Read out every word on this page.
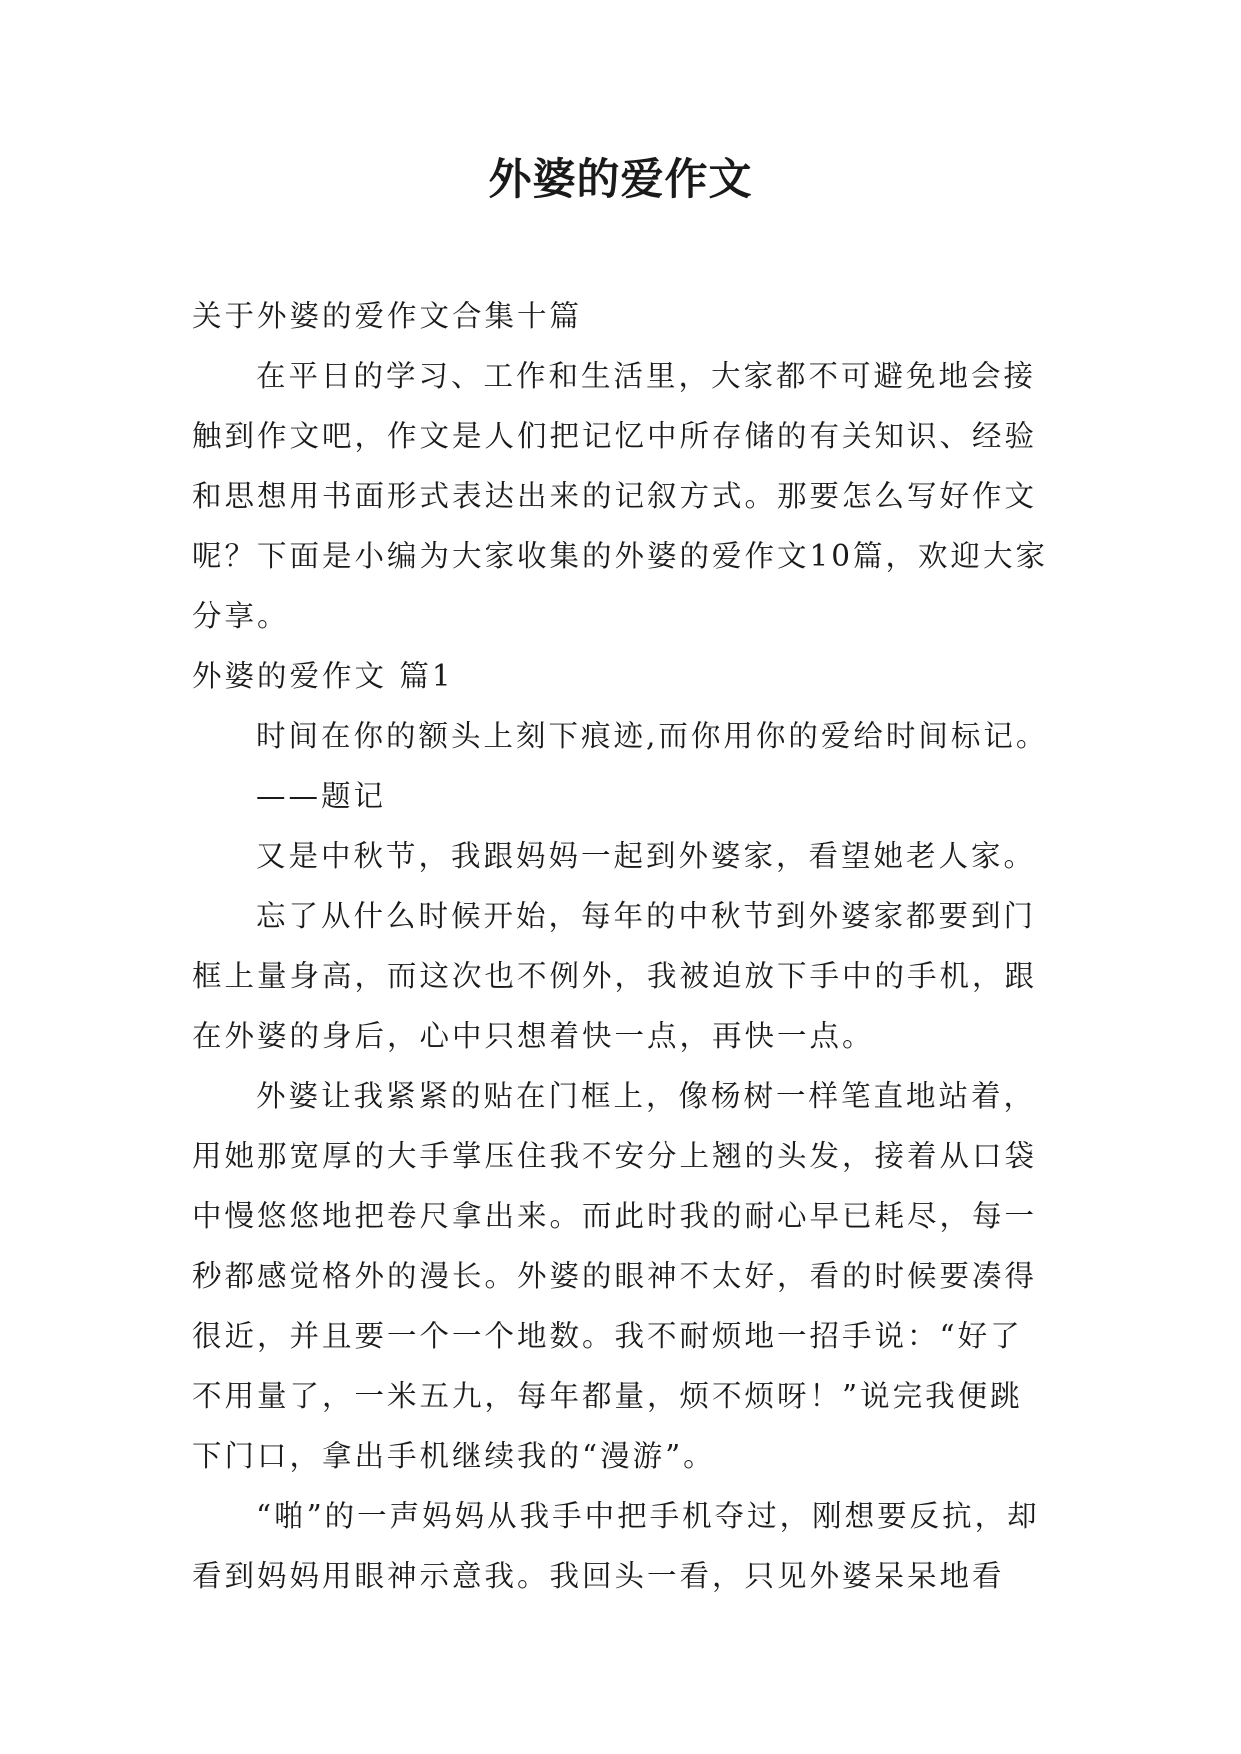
外婆的爱作文

关于外婆的爱作文合集十篇

在平日的学习、工作和生活里，大家都不可避免地会接触到作文吧，作文是人们把记忆中所存储的有关知识、经验和思想用书面形式表达出来的记叙方式。那要怎么写好作文呢？下面是小编为大家收集的外婆的爱作文10篇，欢迎大家分享。

外婆的爱作文 篇1

时间在你的额头上刻下痕迹,而你用你的爱给时间标记。

——题记

又是中秋节，我跟妈妈一起到外婆家，看望她老人家。

忘了从什么时候开始，每年的中秋节到外婆家都要到门框上量身高，而这次也不例外，我被迫放下手中的手机，跟在外婆的身后，心中只想着快一点，再快一点。

外婆让我紧紧的贴在门框上，像杨树一样笔直地站着，用她那宽厚的大手掌压住我不安分上翘的头发，接着从口袋中慢悠悠地把卷尺拿出来。而此时我的耐心早已耗尽，每一秒都感觉格外的漫长。外婆的眼神不太好，看的时候要凑得很近，并且要一个一个地数。我不耐烦地一招手说：“好了不用量了，一米五九，每年都量，烦不烦呀！”说完我便跳下门口，拿出手机继续我的“漫游”。

“啪”的一声妈妈从我手中把手机夺过，刚想要反抗，却看到妈妈用眼神示意我。我回头一看，只见外婆呆呆地看
